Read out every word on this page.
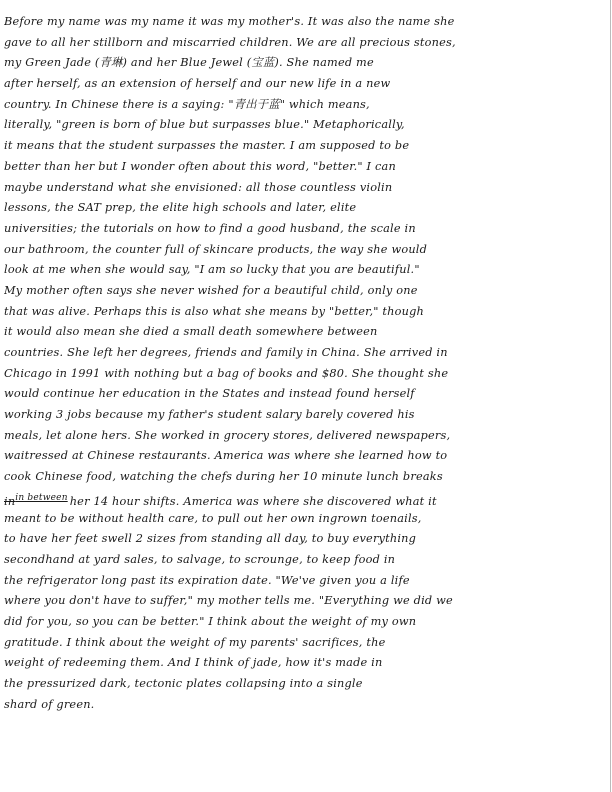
Before my name was my name it was my mother's. It was also the name she
gave to all her stillborn and miscarried children. We are all precious stones,
my Green Jade (青琳) and her Blue Jewel (宝蓝). She named me
after herself, as an extension of herself and our new life in a new
country. In Chinese there is a saying: "青出于蓝" which means,
literally, "green is born of blue but surpasses blue." Metaphorically,
it means that the student surpasses the master. I am supposed to be
better than her but I wonder often about this word, "better." I can
maybe understand what she envisioned: all those countless violin
lessons, the SAT prep, the elite high schools and later, elite
universities; the tutorials on how to find a good husband, the scale in
our bathroom, the counter full of skincare products, the way she would
look at me when she would say, "I am so lucky that you are beautiful."
My mother often says she never wished for a beautiful child, only one
that was alive. Perhaps this is also what she means by "better," though
it would also mean she died a small death somewhere between
countries. She left her degrees, friends and family in China. She arrived in
Chicago in 1991 with nothing but a bag of books and $80. She thought she
would continue her education in the States and instead found herself
working 3 jobs because my father's student salary barely covered his
meals, let alone hers. She worked in grocery stores, delivered newspapers,
waitressed at Chinese restaurants. America was where she learned how to
cook Chinese food, watching the chefs during her 10 minute lunch breaks
$in^{in between}$ her 14 hour shifts. America was where she discovered what it
meant to be without health care, to pull out her own ingrown toenails,
to have her feet swell 2 sizes from standing all day, to buy everything
secondhand at yard sales, to salvage, to scrounge, to keep food in
the refrigerator long past its expiration date. "We've given you a life
where you don't have to suffer," my mother tells me. "Everything we did we
did for you, so you can be better." I think about the weight of my own
gratitude. I think about the weight of my parents' sacrifices, the
weight of redeeming them. And I think of jade, how it's made in
the pressurized dark, tectonic plates collapsing into a single
shard of green.
